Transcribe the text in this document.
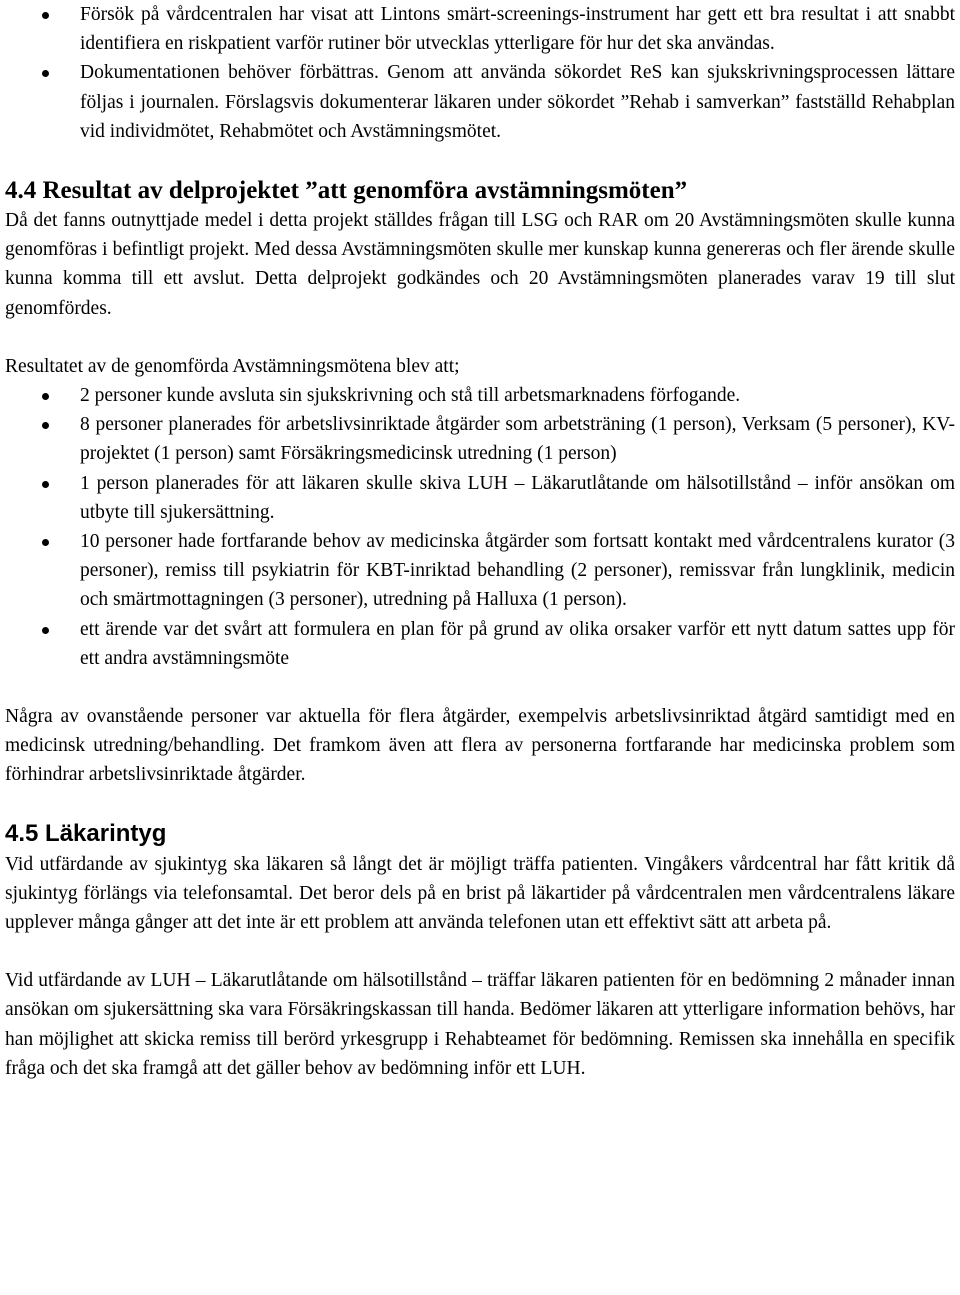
Försök på vårdcentralen har visat att Lintons smärt-screenings-instrument har gett ett bra resultat i att snabbt identifiera en riskpatient varför rutiner bör utvecklas ytterligare för hur det ska användas.
Dokumentationen behöver förbättras. Genom att använda sökordet ReS kan sjukskrivningsprocessen lättare följas i journalen. Förslagsvis dokumenterar läkaren under sökordet ”Rehab i samverkan” fastställd Rehabplan vid individmötet, Rehabmötet och Avstämningsmötet.
4.4 Resultat av delprojektet ”att genomföra avstämningsmöten”

Då det fanns outnyttjade medel i detta projekt ställdes frågan till LSG och RAR om 20 Avstämningsmöten skulle kunna genomföras i befintligt projekt. Med dessa Avstämningsmöten skulle mer kunskap kunna genereras och fler ärende skulle kunna komma till ett avslut. Detta delprojekt godkändes och 20 Avstämningsmöten planerades varav 19 till slut genomfördes.

Resultatet av de genomförda Avstämningsmötena blev att;

2 personer kunde avsluta sin sjukskrivning och stå till arbetsmarknadens förfogande.
8 personer planerades för arbetslivsinriktade åtgärder som arbetsträning (1 person), Verksam (5 personer), KV-projektet (1 person) samt Försäkringsmedicinsk utredning (1 person)
1 person planerades för att läkaren skulle skiva LUH – Läkarutlåtande om hälsotillstånd – inför ansökan om utbyte till sjukersättning.
10 personer hade fortfarande behov av medicinska åtgärder som fortsatt kontakt med vårdcentralens kurator (3 personer), remiss till psykiatrin för KBT-inriktad behandling (2 personer), remissvar från lungklinik, medicin och smärtmottagningen (3 personer), utredning på Halluxa (1 person).
ett ärende var det svårt att formulera en plan för på grund av olika orsaker varför ett nytt datum sattes upp för ett andra avstämningsmöte

Några av ovanstående personer var aktuella för flera åtgärder, exempelvis arbetslivsinriktad åtgärd samtidigt med en medicinsk utredning/behandling. Det framkom även att flera av personerna fortfarande har medicinska problem som förhindrar arbetslivsinriktade åtgärder.

4.5 Läkarintyg

Vid utfärdande av sjukintyg ska läkaren så långt det är möjligt träffa patienten. Vingåkers vårdcentral har fått kritik då sjukintyg förlängs via telefonsamtal. Det beror dels på en brist på läkartider på vårdcentralen men vårdcentralens läkare upplever många gånger att det inte är ett problem att använda telefonen utan ett effektivt sätt att arbeta på.

Vid utfärdande av LUH – Läkarutlåtande om hälsotillstånd – träffar läkaren patienten för en bedömning 2 månader innan ansökan om sjukersättning ska vara Försäkringskassan till handa. Bedömer läkaren att ytterligare information behövs, har han möjlighet att skicka remiss till berörd yrkesgrupp i Rehabteamet för bedömning. Remissen ska innehålla en specifik fråga och det ska framgå att det gäller behov av bedömning inför ett LUH.
